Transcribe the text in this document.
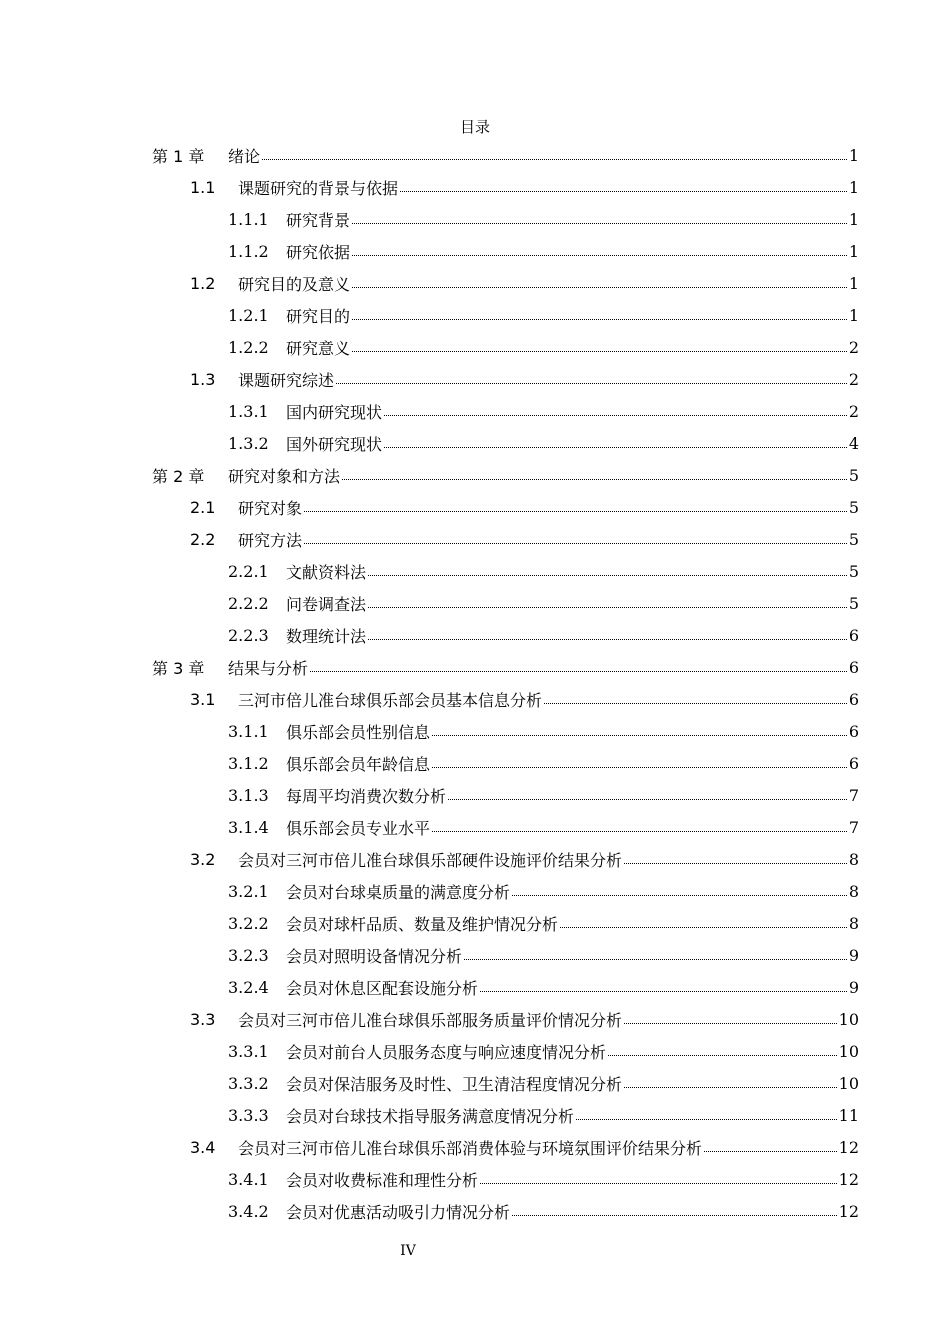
目录
第 1 章	绪论	1
1.1	课题研究的背景与依据	1
1.1.1	研究背景	1
1.1.2	研究依据	1
1.2	研究目的及意义	1
1.2.1	研究目的	1
1.2.2	研究意义	2
1.3	课题研究综述	2
1.3.1	国内研究现状	2
1.3.2	国外研究现状	4
第 2 章	研究对象和方法	5
2.1	研究对象	5
2.2	研究方法	5
2.2.1	文献资料法	5
2.2.2	问卷调查法	5
2.2.3	数理统计法	6
第 3 章	结果与分析	6
3.1	三河市倍儿准台球俱乐部会员基本信息分析	6
3.1.1	俱乐部会员性别信息	6
3.1.2	俱乐部会员年龄信息	6
3.1.3	每周平均消费次数分析	7
3.1.4	俱乐部会员专业水平	7
3.2	会员对三河市倍儿准台球俱乐部硬件设施评价结果分析	8
3.2.1	会员对台球桌质量的满意度分析	8
3.2.2	会员对球杆品质、数量及维护情况分析	8
3.2.3	会员对照明设备情况分析	9
3.2.4	会员对休息区配套设施分析	9
3.3	会员对三河市倍儿准台球俱乐部服务质量评价情况分析	10
3.3.1	会员对前台人员服务态度与响应速度情况分析	10
3.3.2	会员对保洁服务及时性、卫生清洁程度情况分析	10
3.3.3	会员对台球技术指导服务满意度情况分析	11
3.4	会员对三河市倍儿准台球俱乐部消费体验与环境氛围评价结果分析	12
3.4.1	会员对收费标准和理性分析	12
3.4.2	会员对优惠活动吸引力情况分析	12
IV
